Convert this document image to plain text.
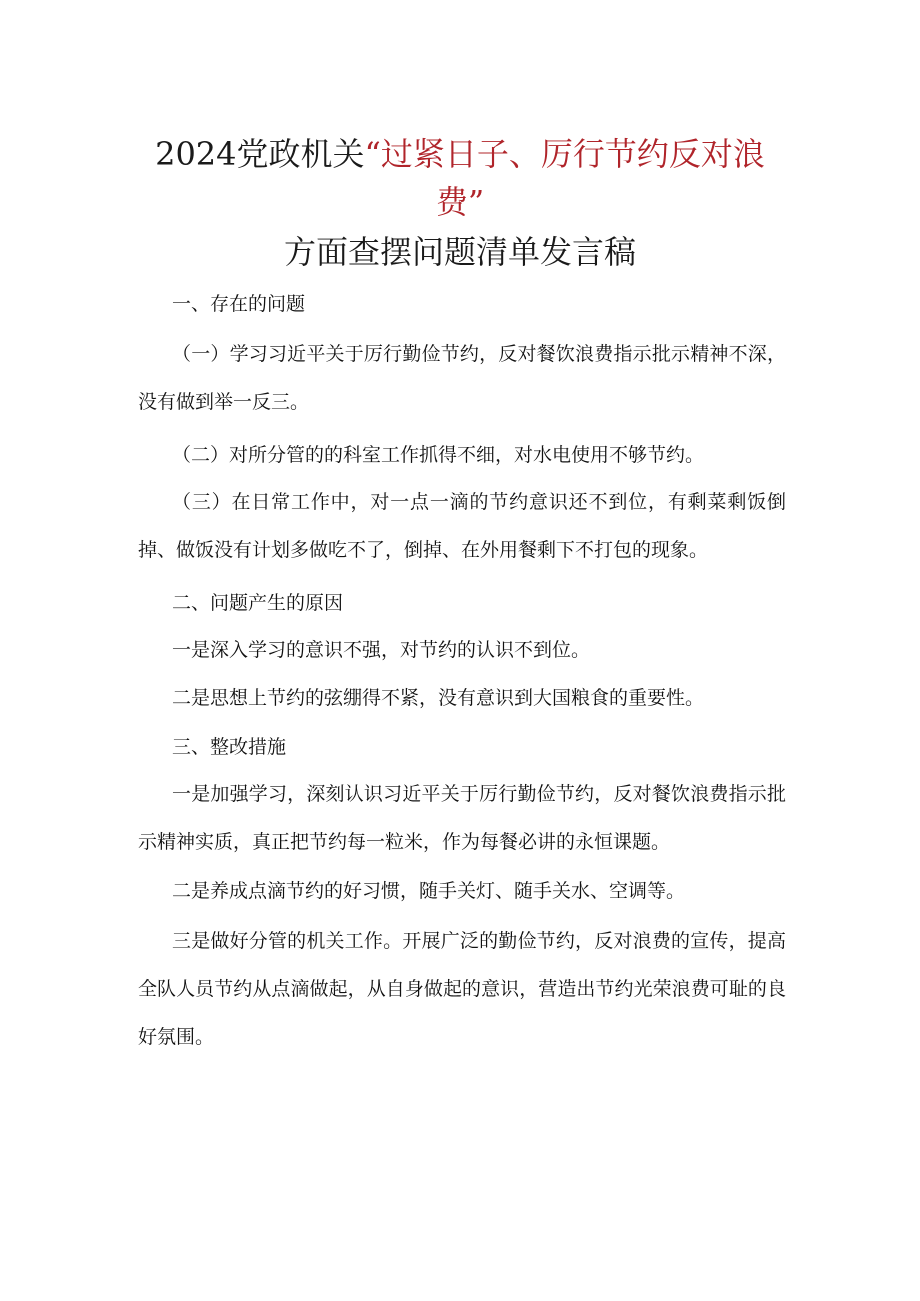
2024党政机关“过紧日子、厉行节约反对浪
费”
方面查摆问题清单发言稿
一、存在的问题
（一）学习习近平关于厉行勤俭节约，反对餐饮浪费指示批示精神不深，没有做到举一反三。
（二）对所分管的的科室工作抓得不细，对水电使用不够节约。
（三）在日常工作中，对一点一滴的节约意识还不到位，有剩菜剩饭倒掉、做饭没有计划多做吃不了，倒掉、在外用餐剩下不打包的现象。
二、问题产生的原因
一是深入学习的意识不强，对节约的认识不到位。
二是思想上节约的弦绷得不紧，没有意识到大国粮食的重要性。
三、整改措施
一是加强学习，深刻认识习近平关于厉行勤俭节约，反对餐饮浪费指示批示精神实质，真正把节约每一粒米，作为每餐必讲的永恒课题。
二是养成点滴节约的好习惯，随手关灯、随手关水、空调等。
三是做好分管的机关工作。开展广泛的勤俭节约，反对浪费的宣传，提高全队人员节约从点滴做起，从自身做起的意识，营造出节约光荣浪费可耻的良好氛围。
